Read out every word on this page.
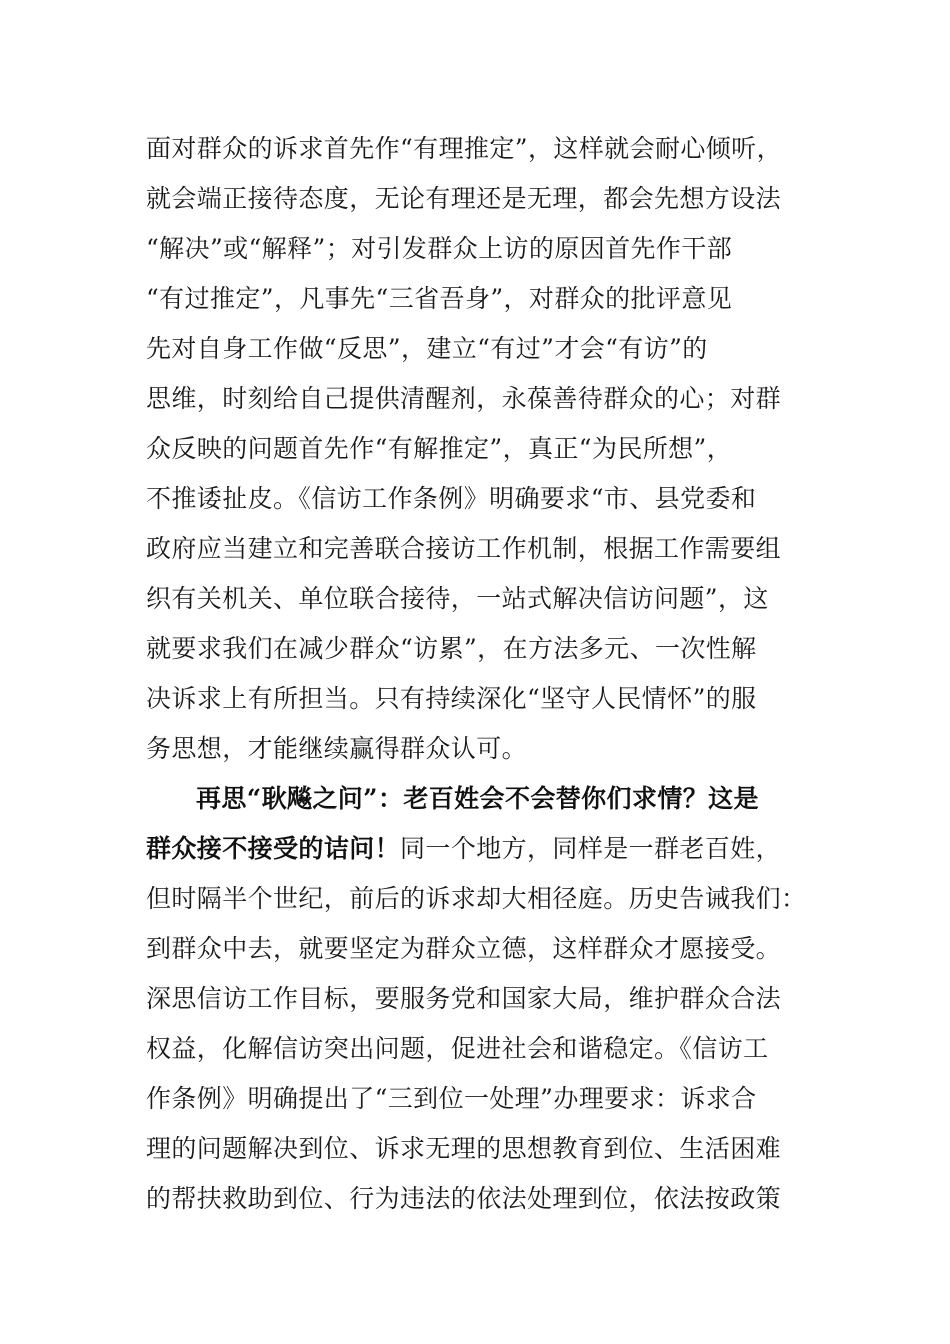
面对群众的诉求首先作“有理推定”，这样就会耐心倾听，
就会端正接待态度，无论有理还是无理，都会先想方设法
“解决”或“解释”；对引发群众上访的原因首先作干部
“有过推定”，凡事先“三省吾身”，对群众的批评意见
先对自身工作做“反思”，建立“有过”才会“有访”的
思维，时刻给自己提供清醒剂，永葆善待群众的心；对群
众反映的问题首先作“有解推定”，真正“为民所想”，
不推诿扯皮。《信访工作条例》明确要求“市、县党委和
政府应当建立和完善联合接访工作机制，根据工作需要组
织有关机关、单位联合接待，一站式解决信访问题”，这
就要求我们在减少群众“访累”，在方法多元、一次性解
决诉求上有所担当。只有持续深化“坚守人民情怀”的服
务思想，才能继续赢得群众认可。
再思“耿飚之问”：老百姓会不会替你们求情？这是
群众接不接受的诘问！同一个地方，同样是一群老百姓，
但时隔半个世纪，前后的诉求却大相径庭。历史告诫我们：
到群众中去，就要坚定为群众立德，这样群众才愿接受。
深思信访工作目标，要服务党和国家大局，维护群众合法
权益，化解信访突出问题，促进社会和谐稳定。《信访工
作条例》明确提出了“三到位一处理”办理要求：诉求合
理的问题解决到位、诉求无理的思想教育到位、生活困难
的帮扶救助到位、行为违法的依法处理到位，依法按政策
